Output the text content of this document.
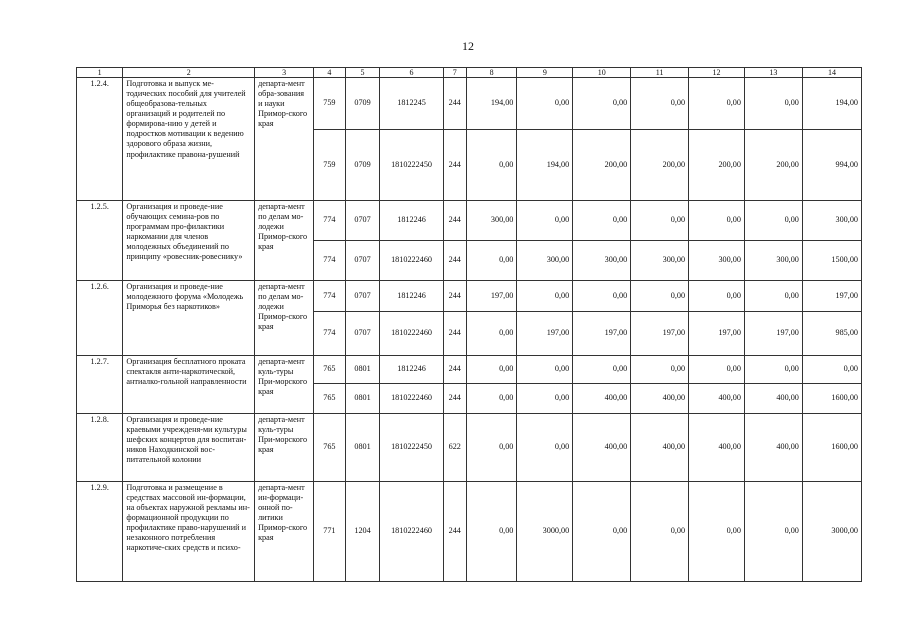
12
1	2	3	4	5	6	7	8	9	10	11	12	13	14
1.2.4.	Подготовка и выпуск ме-тодических пособий для учителей общеобразова-тельных организаций и родителей по формирова-нию у детей и подростков мотивации к ведению здорового образа жизни, профилактике правона-рушений	департа-мент обра-зования и науки Примор-ского края	759	0709	1812245	244	194,00	0,00	0,00	0,00	0,00	0,00	194,00
			759	0709	1810222450	244	0,00	194,00	200,00	200,00	200,00	200,00	994,00
1.2.5.	Организация и проведе-ние обучающих семина-ров по программам про-филактики наркомании для членов молодежных объединений по принципу «ровесник-ровеснику»	департа-мент по делам мо-лодежи Примор-ского края	774	0707	1812246	244	300,00	0,00	0,00	0,00	0,00	0,00	300,00
			774	0707	1810222460	244	0,00	300,00	300,00	300,00	300,00	300,00	1500,00
1.2.6.	Организация и проведе-ние молодежного форума «Молодежь Приморья без наркотиков»	департа-мент по делам мо-лодежи Примор-ского края	774	0707	1812246	244	197,00	0,00	0,00	0,00	0,00	0,00	197,00
			774	0707	1810222460	244	0,00	197,00	197,00	197,00	197,00	197,00	985,00
1.2.7.	Организация бесплатного проката спектакля анти-наркотической, антиалко-гольной направленности	департа-мент куль-туры При-морского края	765	0801	1812246	244	0,00	0,00	0,00	0,00	0,00	0,00	0,00
			765	0801	1810222460	244	0,00	0,00	400,00	400,00	400,00	400,00	1600,00
1.2.8.	Организация и проведе-ние краевыми учрежденя-ми культуры шефских концертов для воспитан-ников Находкинской вос-питательной колонии	департа-мент куль-туры При-морского края	765	0801	1810222450	622	0,00	0,00	400,00	400,00	400,00	400,00	1600,00
1.2.9.	Подготовка и размещение в средствах массовой ин-формации, на объектах наружной рекламы ин-формационной продукции по профилактике право-нарушений и незаконного потребления наркотиче-ских средств и психо-	департа-мент ин-формаци-онной по-литики Примор-ского края	771	1204	1810222460	244	0,00	3000,00	0,00	0,00	0,00	0,00	3000,00
